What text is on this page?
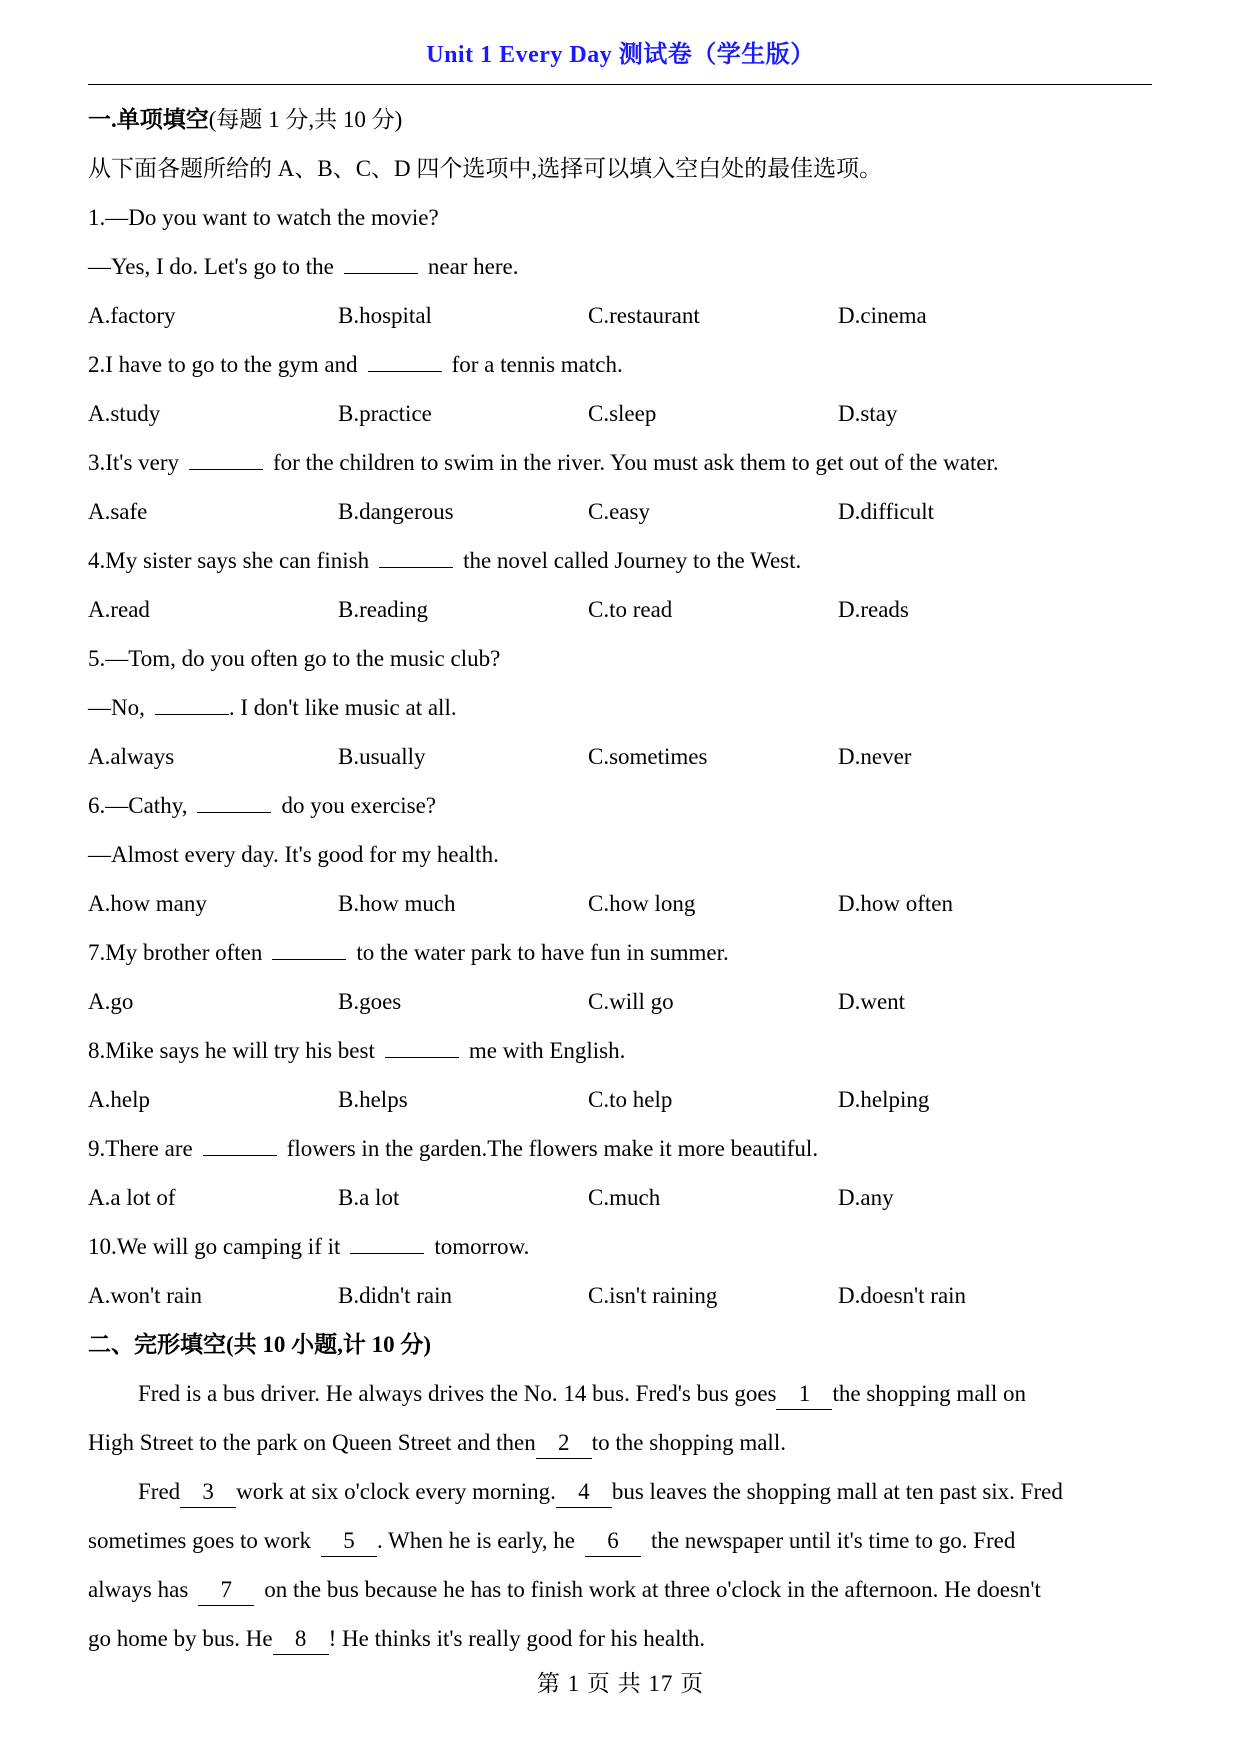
Unit 1 Every Day 测试卷（学生版）
一.单项填空(每题 1 分,共 10 分)
从下面各题所给的 A、B、C、D 四个选项中,选择可以填入空白处的最佳选项。
1.—Do you want to watch the movie?
—Yes, I do. Let's go to the	near here.
A.factory	B.hospital	C.restaurant	D.cinema
2.I have to go to the gym and	for a tennis match.
A.study	B.practice	C.sleep	D.stay
3.It's very	for the children to swim in the river. You must ask them to get out of the water.
A.safe	B.dangerous	C.easy	D.difficult
4.My sister says she can finish	the novel called Journey to the West.
A.read	B.reading	C.to read	D.reads
5.—Tom, do you often go to the music club?
—No,	. I don't like music at all.
A.always	B.usually	C.sometimes	D.never
6.—Cathy,	do you exercise?
—Almost every day. It's good for my health.
A.how many	B.how much	C.how long	D.how often
7.My brother often	to the water park to have fun in summer.
A.go	B.goes	C.will go	D.went
8.Mike says he will try his best	me with English.
A.help	B.helps	C.to help	D.helping
9.There are	flowers in the garden.The flowers make it more beautiful.
A.a lot of	B.a lot	C.much	D.any
10.We will go camping if it	tomorrow.
A.won't rain	B.didn't rain	C.isn't raining	D.doesn't rain
二、完形填空(共 10 小题,计 10 分)
Fred is a bus driver. He always drives the No. 14 bus. Fred's bus goes 1 the shopping mall on
High Street to the park on Queen Street and then 2 to the shopping mall.
Fred 3 work at six o'clock every morning. 4 bus leaves the shopping mall at ten past six. Fred
sometimes goes to work 5 . When he is early, he 6 the newspaper until it's time to go. Fred
always has 7 on the bus because he has to finish work at three o'clock in the afternoon. He doesn't
go home by bus. He 8 ! He thinks it's really good for his health.
第 1 页 共 17 页
